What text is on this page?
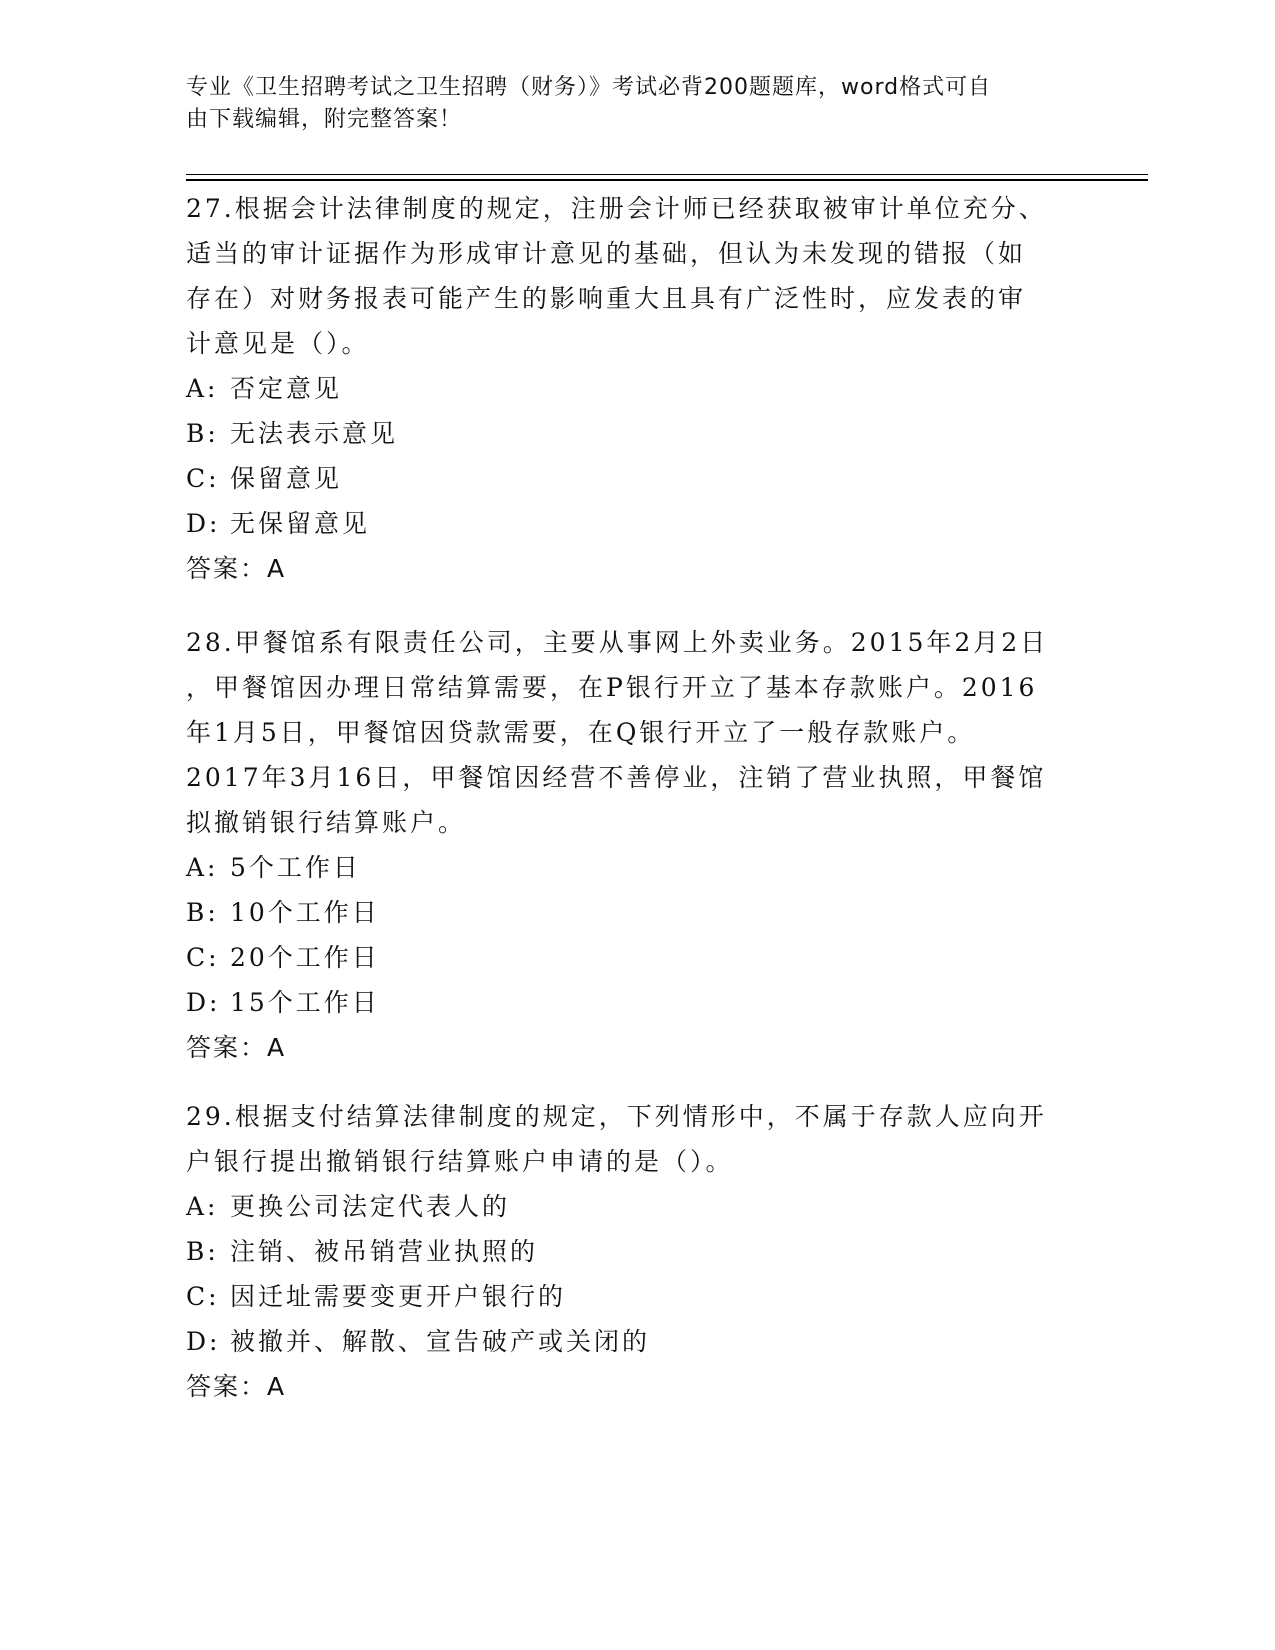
专业《卫生招聘考试之卫生招聘（财务）》考试必背200题题库，word格式可自
由下载编辑，附完整答案！
27.根据会计法律制度的规定，注册会计师已经获取被审计单位充分、
适当的审计证据作为形成审计意见的基础，但认为未发现的错报（如
存在）对财务报表可能产生的影响重大且具有广泛性时，应发表的审
计意见是（）。
A: 否定意见
B: 无法表示意见
C: 保留意见
D: 无保留意见
答案：A
28.甲餐馆系有限责任公司，主要从事网上外卖业务。2015年2月2日
，甲餐馆因办理日常结算需要，在P银行开立了基本存款账户。2016
年1月5日，甲餐馆因贷款需要，在Q银行开立了一般存款账户。
2017年3月16日，甲餐馆因经营不善停业，注销了营业执照，甲餐馆
拟撤销银行结算账户。
A: 5个工作日
B: 10个工作日
C: 20个工作日
D: 15个工作日
答案：A
29.根据支付结算法律制度的规定，下列情形中，不属于存款人应向开
户银行提出撤销银行结算账户申请的是（）。
A: 更换公司法定代表人的
B: 注销、被吊销营业执照的
C: 因迁址需要变更开户银行的
D: 被撤并、解散、宣告破产或关闭的
答案：A
